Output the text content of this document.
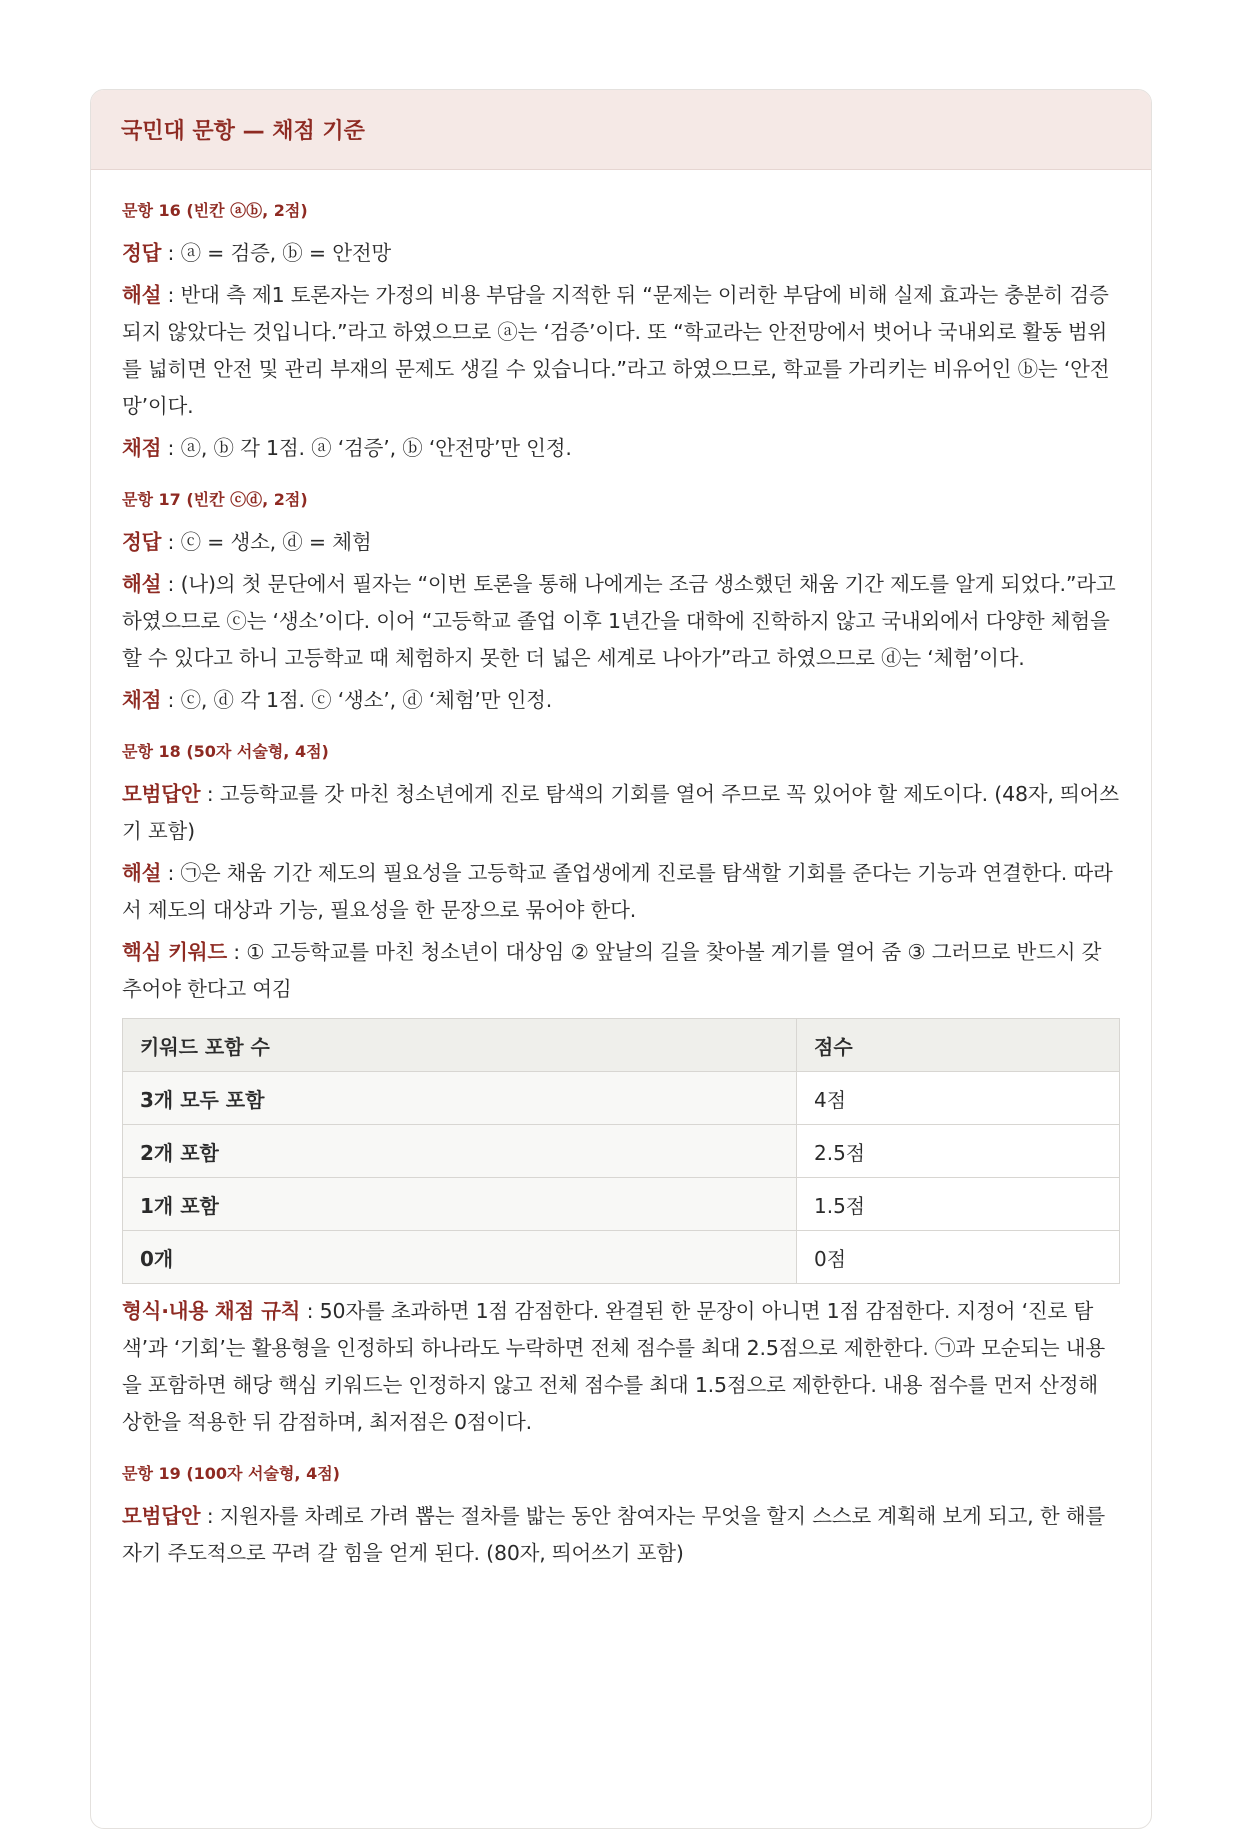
국민대 문항 — 채점 기준
문항 16 (빈칸 ⓐⓑ, 2점)

정답 : ⓐ = 검증, ⓑ = 안전망

해설 : 반대 측 제1 토론자는 가정의 비용 부담을 지적한 뒤 “문제는 이러한 부담에 비해 실제 효과는 충분히 검증되지 않았다는 것입니다.”라고 하였으므로 ⓐ는 ‘검증’이다. 또 “학교라는 안전망에서 벗어나 국내외로 활동 범위를 넓히면 안전 및 관리 부재의 문제도 생길 수 있습니다.”라고 하였으므로, 학교를 가리키는 비유어인 ⓑ는 ‘안전망’이다.

채점 : ⓐ, ⓑ 각 1점. ⓐ ‘검증’, ⓑ ‘안전망’만 인정.

문항 17 (빈칸 ⓒⓓ, 2점)

정답 : ⓒ = 생소, ⓓ = 체험

해설 : (나)의 첫 문단에서 필자는 “이번 토론을 통해 나에게는 조금 생소했던 채움 기간 제도를 알게 되었다.”라고 하였으므로 ⓒ는 ‘생소’이다. 이어 “고등학교 졸업 이후 1년간을 대학에 진학하지 않고 국내외에서 다양한 체험을 할 수 있다고 하니 고등학교 때 체험하지 못한 더 넓은 세계로 나아가”라고 하였으므로 ⓓ는 ‘체험’이다.

채점 : ⓒ, ⓓ 각 1점. ⓒ ‘생소’, ⓓ ‘체험’만 인정.

문항 18 (50자 서술형, 4점)

모범답안 : 고등학교를 갓 마친 청소년에게 진로 탐색의 기회를 열어 주므로 꼭 있어야 할 제도이다. (48자, 띄어쓰기 포함)

해설 : ㉠은 채움 기간 제도의 필요성을 고등학교 졸업생에게 진로를 탐색할 기회를 준다는 기능과 연결한다. 따라서 제도의 대상과 기능, 필요성을 한 문장으로 묶어야 한다.

핵심 키워드 : ① 고등학교를 마친 청소년이 대상임 ② 앞날의 길을 찾아볼 계기를 열어 줌 ③ 그러므로 반드시 갖추어야 한다고 여김

키워드 포함 수	점수
3개 모두 포함	4점
2개 포함	2.5점
1개 포함	1.5점
0개	0점

형식·내용 채점 규칙 : 50자를 초과하면 1점 감점한다. 완결된 한 문장이 아니면 1점 감점한다. 지정어 ‘진로 탐색’과 ‘기회’는 활용형을 인정하되 하나라도 누락하면 전체 점수를 최대 2.5점으로 제한한다. ㉠과 모순되는 내용을 포함하면 해당 핵심 키워드는 인정하지 않고 전체 점수를 최대 1.5점으로 제한한다. 내용 점수를 먼저 산정해 상한을 적용한 뒤 감점하며, 최저점은 0점이다.

문항 19 (100자 서술형, 4점)

모범답안 : 지원자를 차례로 가려 뽑는 절차를 밟는 동안 참여자는 무엇을 할지 스스로 계획해 보게 되고, 한 해를 자기 주도적으로 꾸려 갈 힘을 얻게 된다. (80자, 띄어쓰기 포함)
